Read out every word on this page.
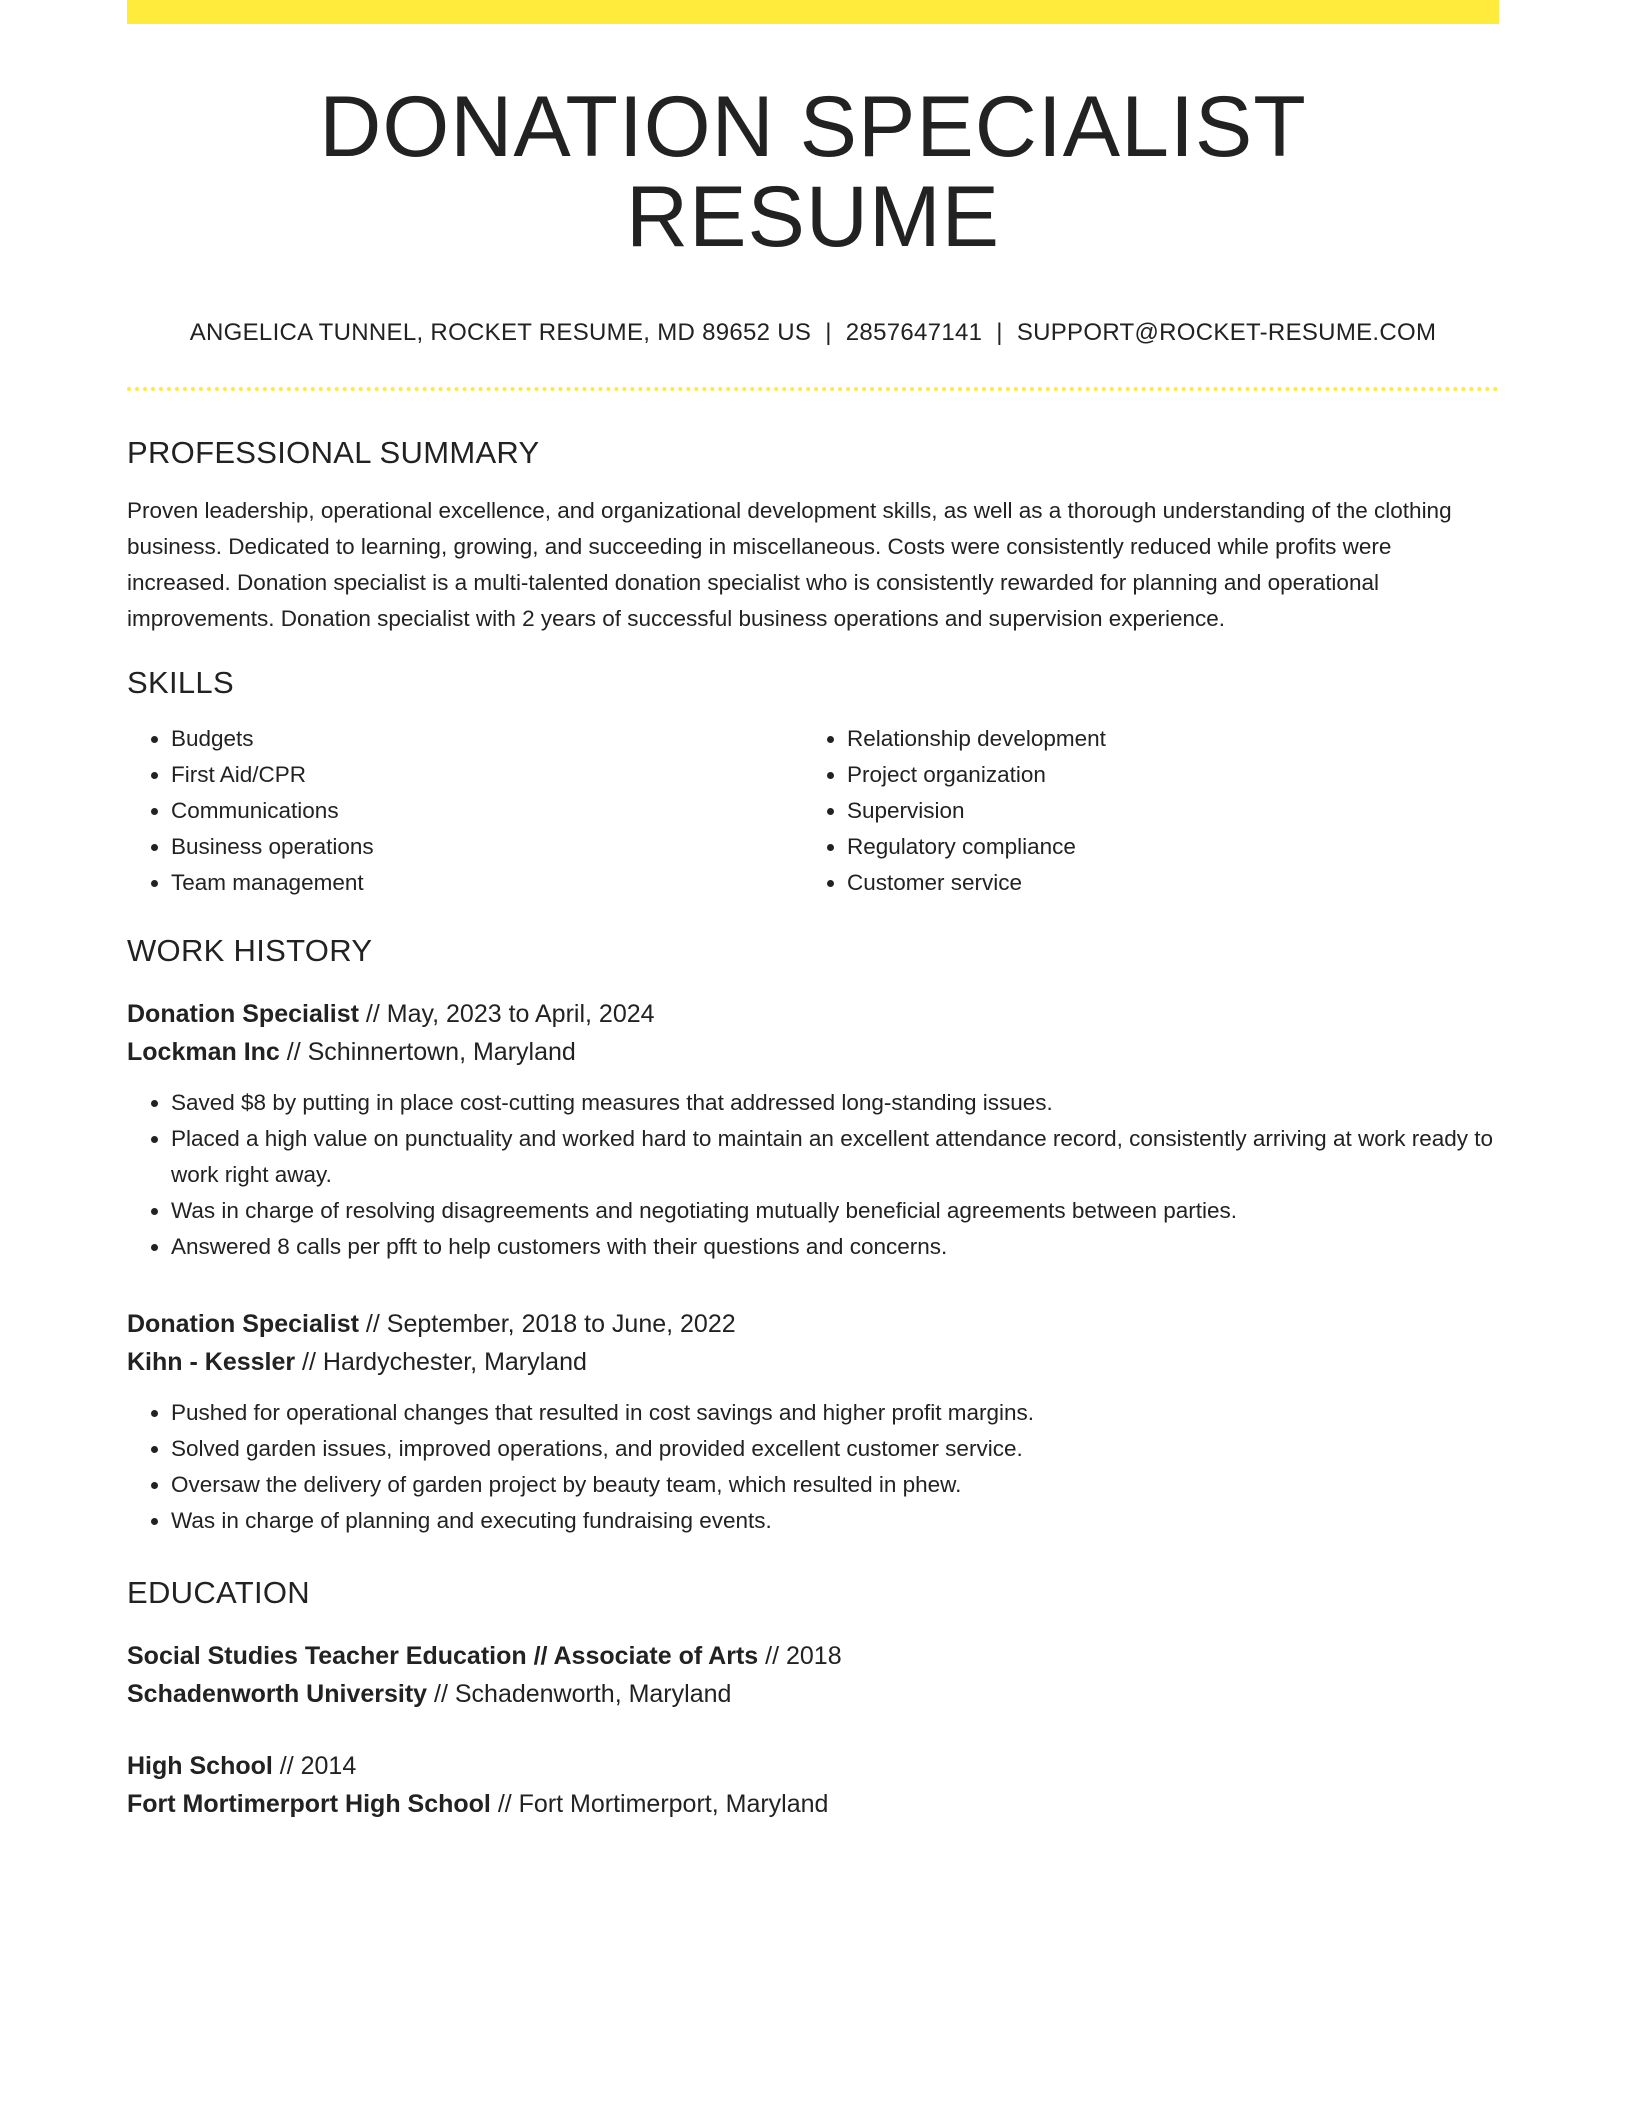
DONATION SPECIALIST RESUME
ANGELICA TUNNEL, ROCKET RESUME, MD 89652 US | 2857647141 | SUPPORT@ROCKET-RESUME.COM
PROFESSIONAL SUMMARY
Proven leadership, operational excellence, and organizational development skills, as well as a thorough understanding of the clothing business. Dedicated to learning, growing, and succeeding in miscellaneous. Costs were consistently reduced while profits were increased. Donation specialist is a multi-talented donation specialist who is consistently rewarded for planning and operational improvements. Donation specialist with 2 years of successful business operations and supervision experience.
SKILLS
• Budgets
• First Aid/CPR
• Communications
• Business operations
• Team management
• Relationship development
• Project organization
• Supervision
• Regulatory compliance
• Customer service
WORK HISTORY
Donation Specialist // May, 2023 to April, 2024
Lockman Inc // Schinnertown, Maryland
• Saved $8 by putting in place cost-cutting measures that addressed long-standing issues.
• Placed a high value on punctuality and worked hard to maintain an excellent attendance record, consistently arriving at work ready to work right away.
• Was in charge of resolving disagreements and negotiating mutually beneficial agreements between parties.
• Answered 8 calls per pfft to help customers with their questions and concerns.
Donation Specialist // September, 2018 to June, 2022
Kihn - Kessler // Hardychester, Maryland
• Pushed for operational changes that resulted in cost savings and higher profit margins.
• Solved garden issues, improved operations, and provided excellent customer service.
• Oversaw the delivery of garden project by beauty team, which resulted in phew.
• Was in charge of planning and executing fundraising events.
EDUCATION
Social Studies Teacher Education // Associate of Arts // 2018
Schadenworth University // Schadenworth, Maryland
High School // 2014
Fort Mortimerport High School // Fort Mortimerport, Maryland
